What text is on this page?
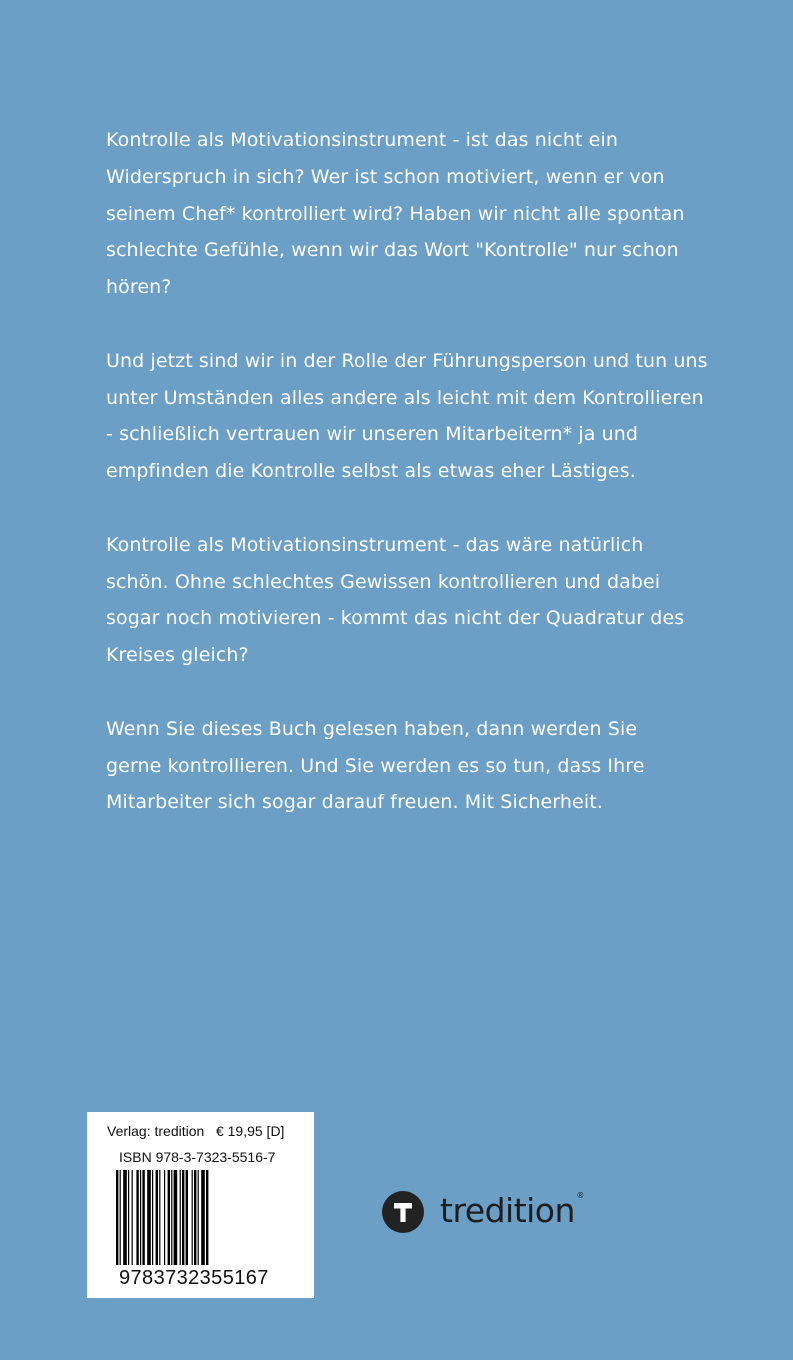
Kontrolle als Motivationsinstrument - ist das nicht ein
Widerspruch in sich? Wer ist schon motiviert, wenn er von
seinem Chef* kontrolliert wird? Haben wir nicht alle spontan
schlechte Gefühle, wenn wir das Wort "Kontrolle" nur schon
hören?

Und jetzt sind wir in der Rolle der Führungsperson und tun uns
unter Umständen alles andere als leicht mit dem Kontrollieren
- schließlich vertrauen wir unseren Mitarbeitern* ja und
empfinden die Kontrolle selbst als etwas eher Lästiges.

Kontrolle als Motivationsinstrument - das wäre natürlich
schön. Ohne schlechtes Gewissen kontrollieren und dabei
sogar noch motivieren - kommt das nicht der Quadratur des
Kreises gleich?

Wenn Sie dieses Buch gelesen haben, dann werden Sie
gerne kontrollieren. Und Sie werden es so tun, dass Ihre
Mitarbeiter sich sogar darauf freuen. Mit Sicherheit.

Verlag: tredition   € 19,95 [D]
ISBN 978-3-7323-5516-7
9783732355167
tredition ®
